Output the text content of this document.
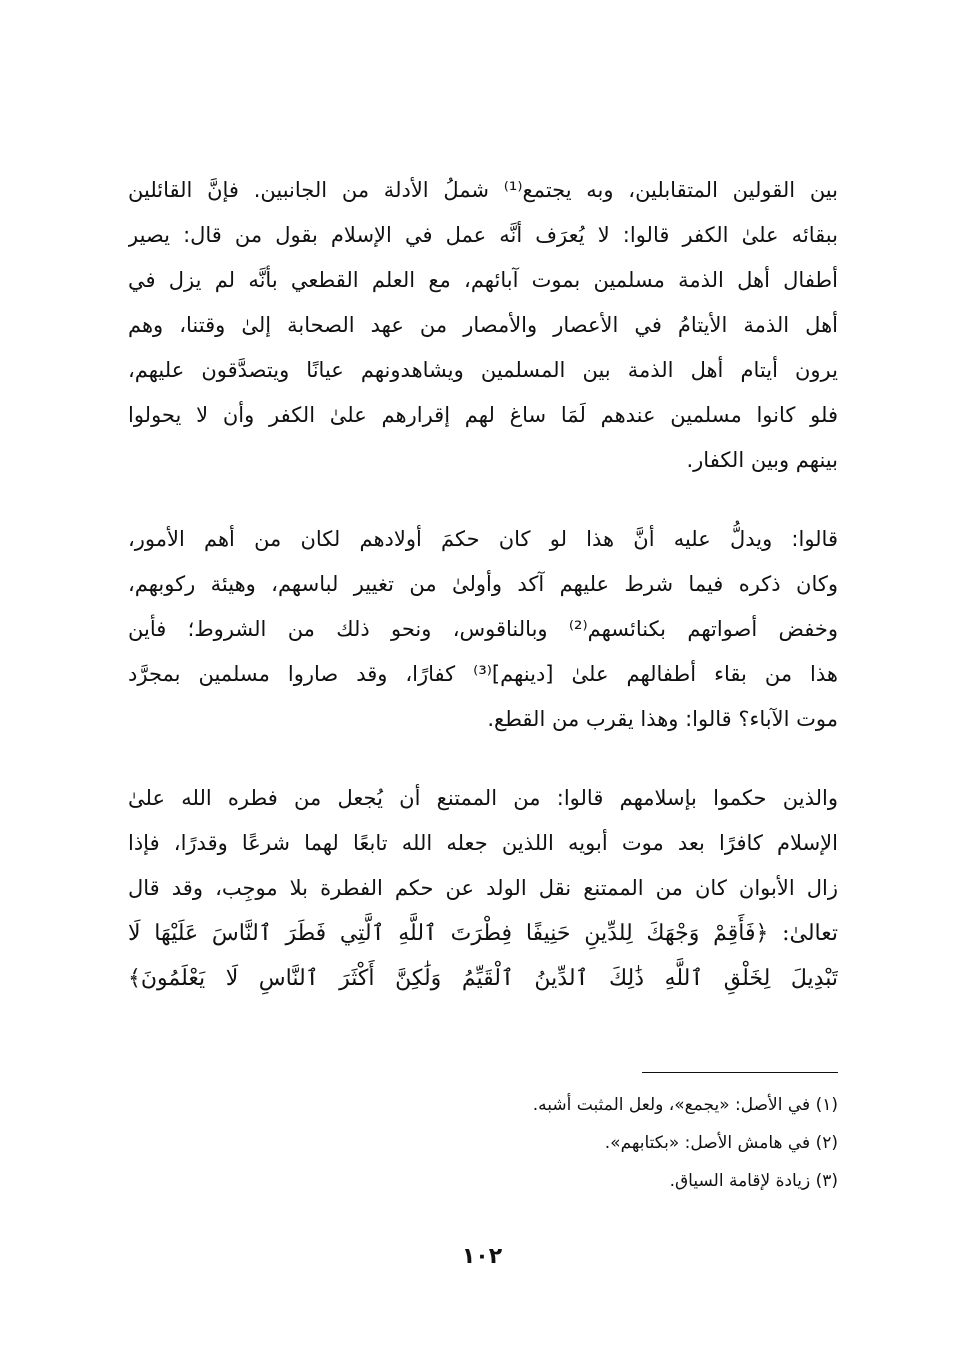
بين القولين المتقابلين، وبه يجتمع⁽¹⁾ شملُ الأدلة من الجانبين. فإنَّ القائلين
ببقائه علىٰ الكفر قالوا: لا يُعرَف أنَّه عمل في الإسلام بقول من قال: يصير
أطفال أهل الذمة مسلمين بموت آبائهم، مع العلم القطعي بأنَّه لم يزل في
أهل الذمة الأيتامُ في الأعصار والأمصار من عهد الصحابة إلىٰ وقتنا، وهم
يرون أيتام أهل الذمة بين المسلمين ويشاهدونهم عيانًا ويتصدَّقون عليهم،
فلو كانوا مسلمين عندهم لَمَا ساغ لهم إقرارهم علىٰ الكفر وأن لا يحولوا
بينهم وبين الكفار.
قالوا: ويدلُّ عليه أنَّ هذا لو كان حكمَ أولادهم لكان من أهم الأمور،
وكان ذكره فيما شرط عليهم آكد وأولىٰ من تغيير لباسهم، وهيئة ركوبهم،
وخفض أصواتهم بكنائسهم⁽²⁾ وبالناقوس، ونحو ذلك من الشروط؛ فأين
هذا من بقاء أطفالهم علىٰ [دينهم]⁽³⁾ كفارًا، وقد صاروا مسلمين بمجرَّد
موت الآباء؟ قالوا: وهذا يقرب من القطع.
والذين حكموا بإسلامهم قالوا: من الممتنع أن يُجعل من فطره الله علىٰ
الإسلام كافرًا بعد موت أبويه اللذين جعله الله تابعًا لهما شرعًا وقدرًا، فإذا
زال الأبوان كان من الممتنع نقل الولد عن حكم الفطرة بلا موجِب، وقد قال
تعالىٰ: ﴿فَأَقِمْ وَجْهَكَ لِلدِّينِ حَنِيفًا فِطْرَتَ ٱللَّهِ ٱلَّتِي فَطَرَ ٱلنَّاسَ عَلَيْهَا لَا
تَبْدِيلَ لِخَلْقِ ٱللَّهِ ذَٰلِكَ ٱلدِّينُ ٱلْقَيِّمُ وَلَٰكِنَّ أَكْثَرَ ٱلنَّاسِ لَا يَعْلَمُونَ﴾
(١) في الأصل: «يجمع»، ولعل المثبت أشبه.
(٢) في هامش الأصل: «بكتابهم».
(٣) زيادة لإقامة السياق.
١٠٢
